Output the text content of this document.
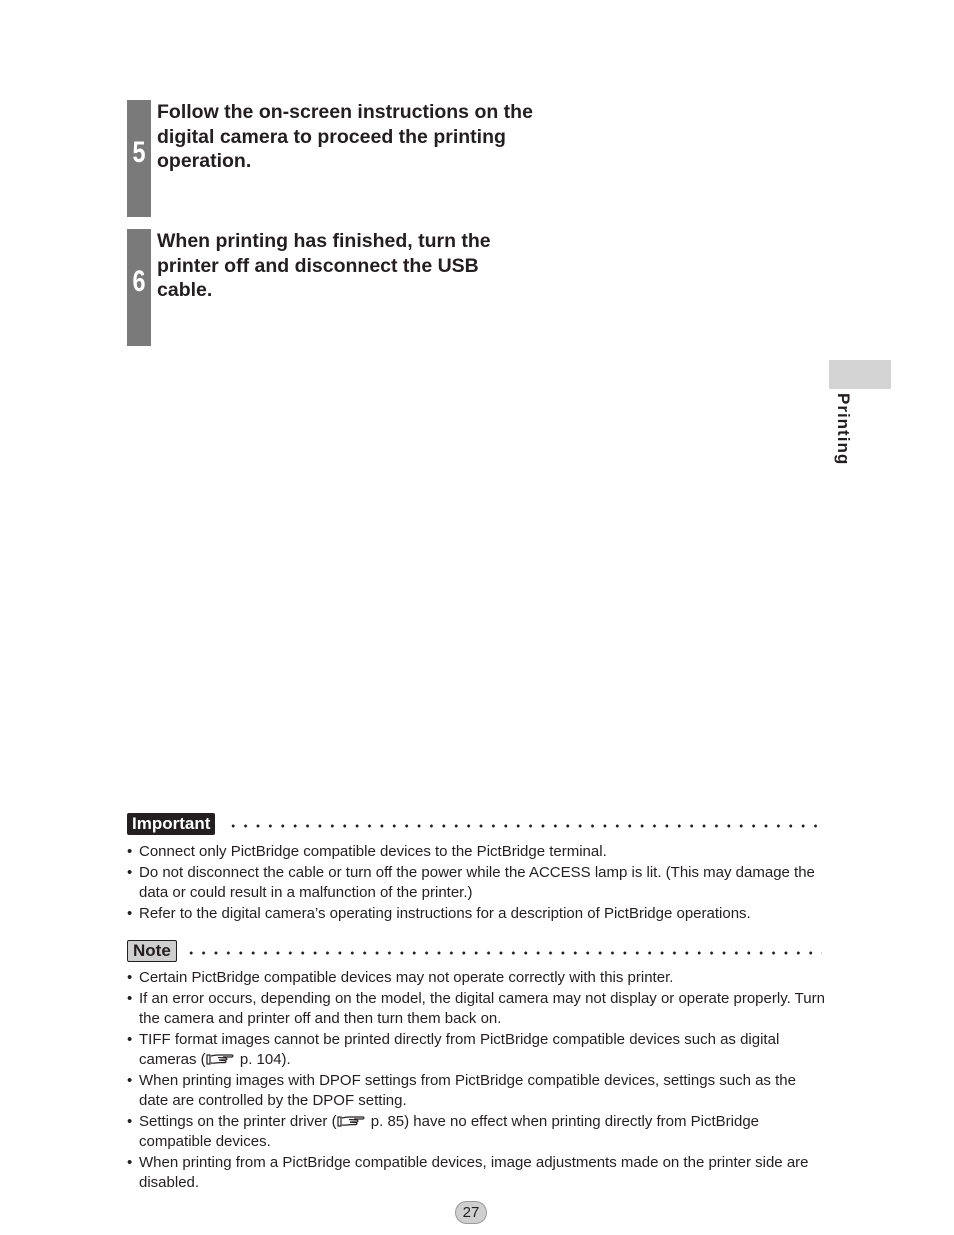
5
Follow the on-screen instructions on the digital camera to proceed the printing operation.
6
When printing has finished, turn the printer off and disconnect the USB cable.
Printing
Important
• Connect only PictBridge compatible devices to the PictBridge terminal.
• Do not disconnect the cable or turn off the power while the ACCESS lamp is lit. (This may damage the data or could result in a malfunction of the printer.)
• Refer to the digital camera’s operating instructions for a description of PictBridge operations.
Note
• Certain PictBridge compatible devices may not operate correctly with this printer.
• If an error occurs, depending on the model, the digital camera may not display or operate properly. Turn the camera and printer off and then turn them back on.
• TIFF format images cannot be printed directly from PictBridge compatible devices such as digital cameras ( p. 104).
• When printing images with DPOF settings from PictBridge compatible devices, settings such as the date are controlled by the DPOF setting.
• Settings on the printer driver ( p. 85) have no effect when printing directly from PictBridge compatible devices.
• When printing from a PictBridge compatible devices, image adjustments made on the printer side are disabled.
27
